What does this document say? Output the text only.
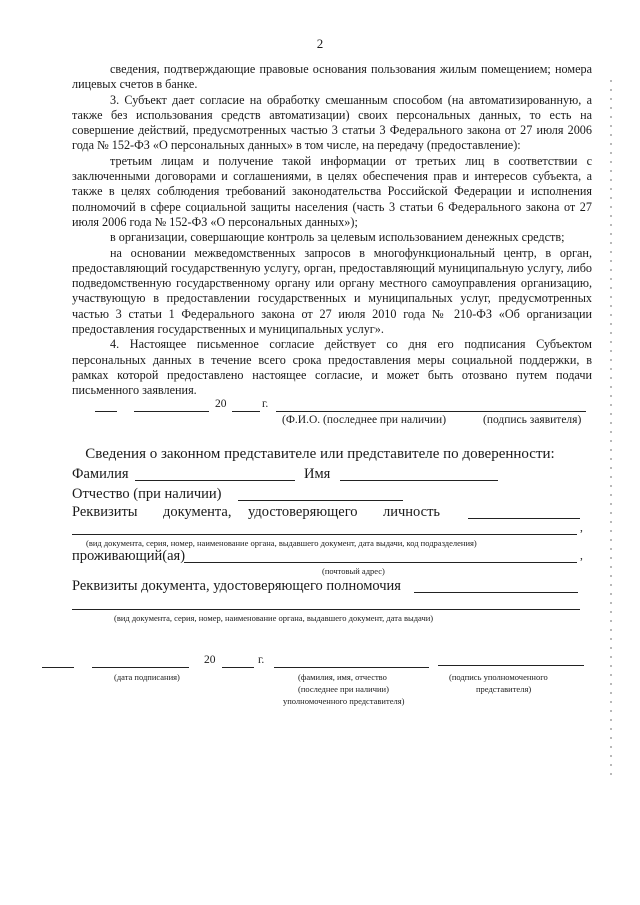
2

сведения, подтверждающие правовые основания пользования жилым помещением; номера лицевых счетов в банке.

3. Субъект дает согласие на обработку смешанным способом (на автоматизированную, а также без использования средств автоматизации) своих персональных данных, то есть на совершение действий, предусмотренных частью 3 статьи 3 Федерального закона от 27 июля 2006 года № 152-ФЗ «О персональных данных» в том числе, на передачу (предоставление):

третьим лицам и получение такой информации от третьих лиц в соответствии с заключенными договорами и соглашениями, в целях обеспечения прав и интересов субъекта, а также в целях соблюдения требований законодательства Российской Федерации и исполнения полномочий в сфере социальной защиты населения (часть 3 статьи 6 Федерального закона от 27 июля 2006 года № 152-ФЗ «О персональных данных»);

в организации, совершающие контроль за целевым использованием денежных средств;

на основании межведомственных запросов в многофункциональный центр, в орган, предоставляющий государственную услугу, орган, предоставляющий муниципальную услугу, либо подведомственную государственному органу или органу местного самоуправления организацию, участвующую в предоставлении государственных и муниципальных услуг, предусмотренных частью 3 статьи 1 Федерального закона от 27 июля 2010 года № 210-ФЗ «Об организации предоставления государственных и муниципальных услуг».

4. Настоящее письменное согласие действует со дня его подписания Субъектом персональных данных в течение всего срока предоставления меры социальной поддержки, в рамках которой предоставлено настоящее согласие, и может быть отозвано путем подачи письменного заявления.

20	г.
(Ф.И.О. (последнее при наличии)	(подпись заявителя)
Сведения о законном представителе или представителе по доверенности:
Фамилия	Имя
Отчество (при наличии)
Реквизиты документа, удостоверяющего личность
,
(вид документа, серия, номер, наименование органа, выдавшего документ, дата выдачи, код подразделения)
проживающий(ая)	,
(почтовый адрес)
Реквизиты документа, удостоверяющего полномочия
(вид документа, серия, номер, наименование органа, выдавшего документ, дата выдачи)
20	г.
(дата подписания)	(фамилия, имя, отчество
(последнее при наличии)
уполномоченного представителя)
(подпись уполномоченного
представителя)
